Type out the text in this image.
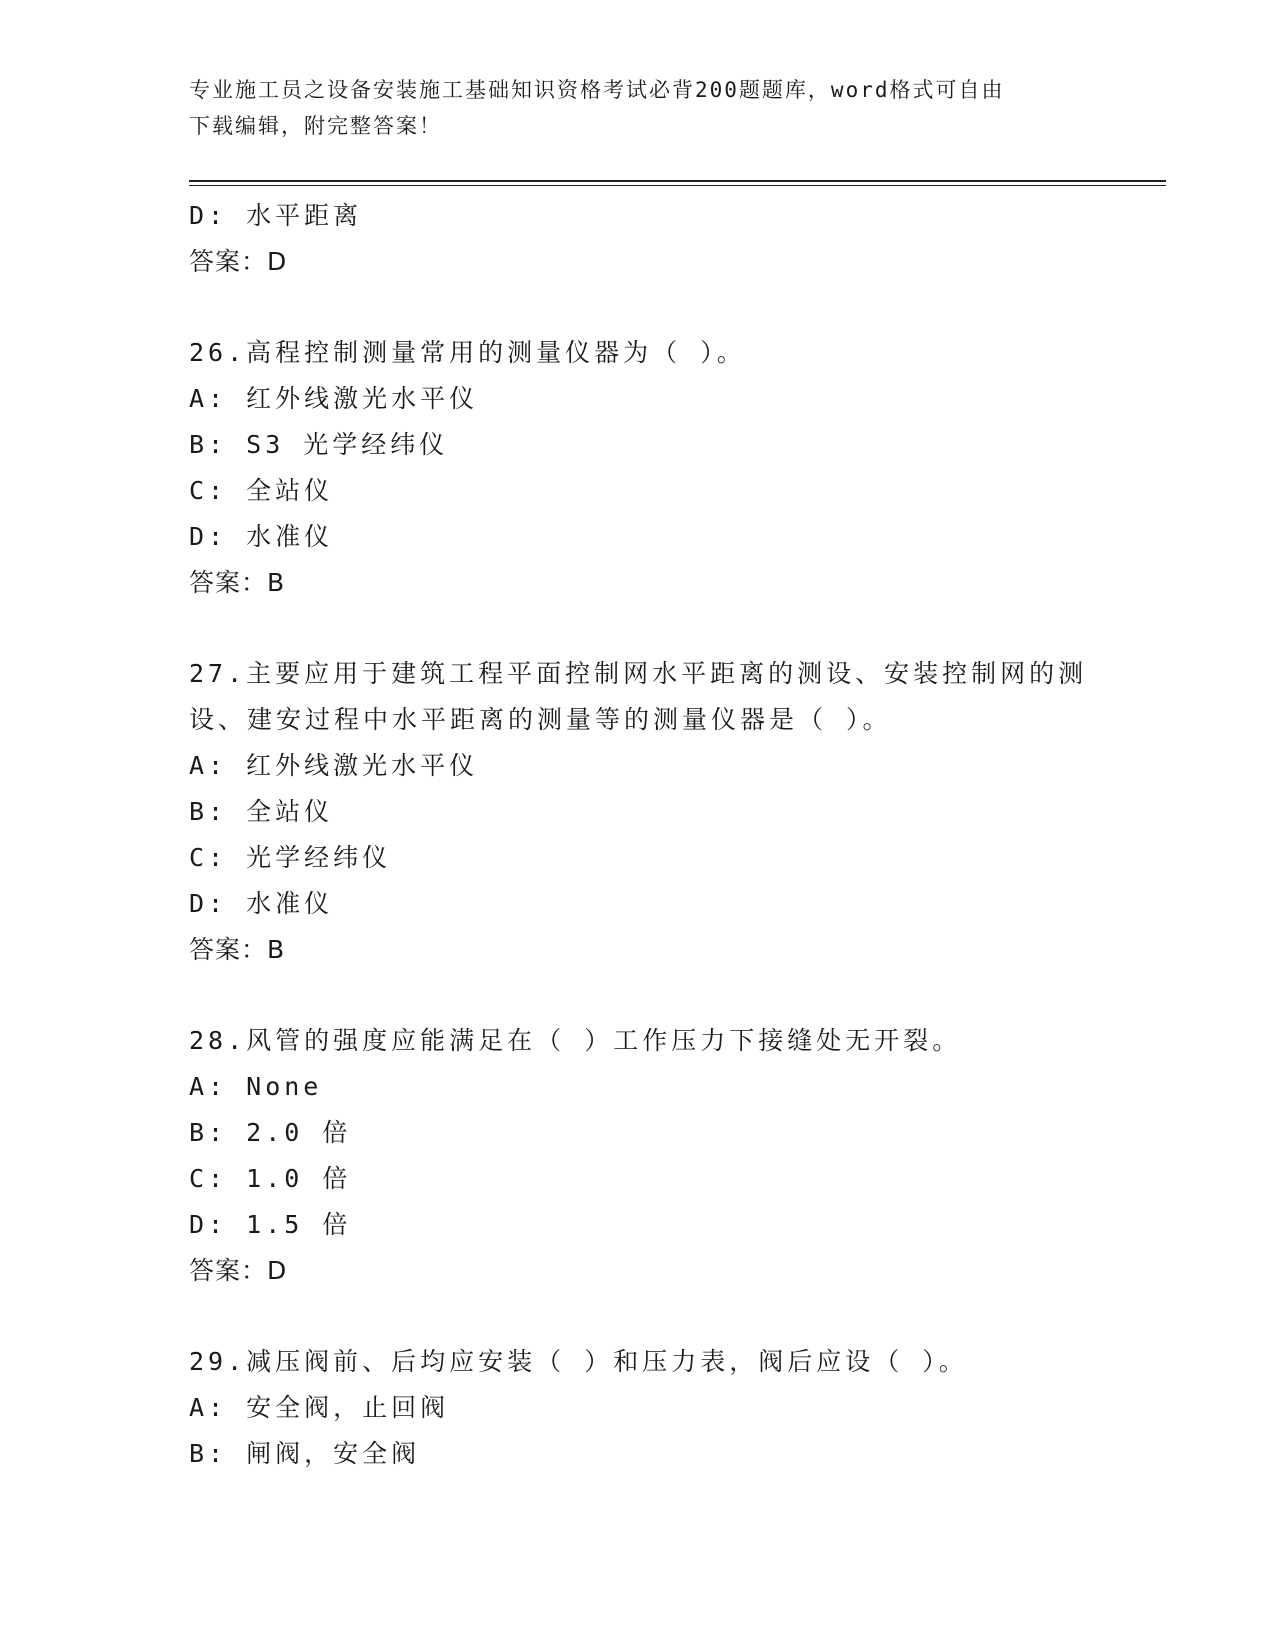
专业施工员之设备安装施工基础知识资格考试必背200题题库，word格式可自由
下载编辑，附完整答案！
D: 水平距离
答案：D
26.高程控制测量常用的测量仪器为（ ）。
A: 红外线激光水平仪
B: S3 光学经纬仪
C: 全站仪
D: 水准仪
答案：B
27.主要应用于建筑工程平面控制网水平距离的测设、安装控制网的测
设、建安过程中水平距离的测量等的测量仪器是（ ）。
A: 红外线激光水平仪
B: 全站仪
C: 光学经纬仪
D: 水准仪
答案：B
28.风管的强度应能满足在（ ）工作压力下接缝处无开裂。
A: None
B: 2.0 倍
C: 1.0 倍
D: 1.5 倍
答案：D
29.减压阀前、后均应安装（ ）和压力表，阀后应设（ ）。
A: 安全阀，止回阀
B: 闸阀，安全阀
